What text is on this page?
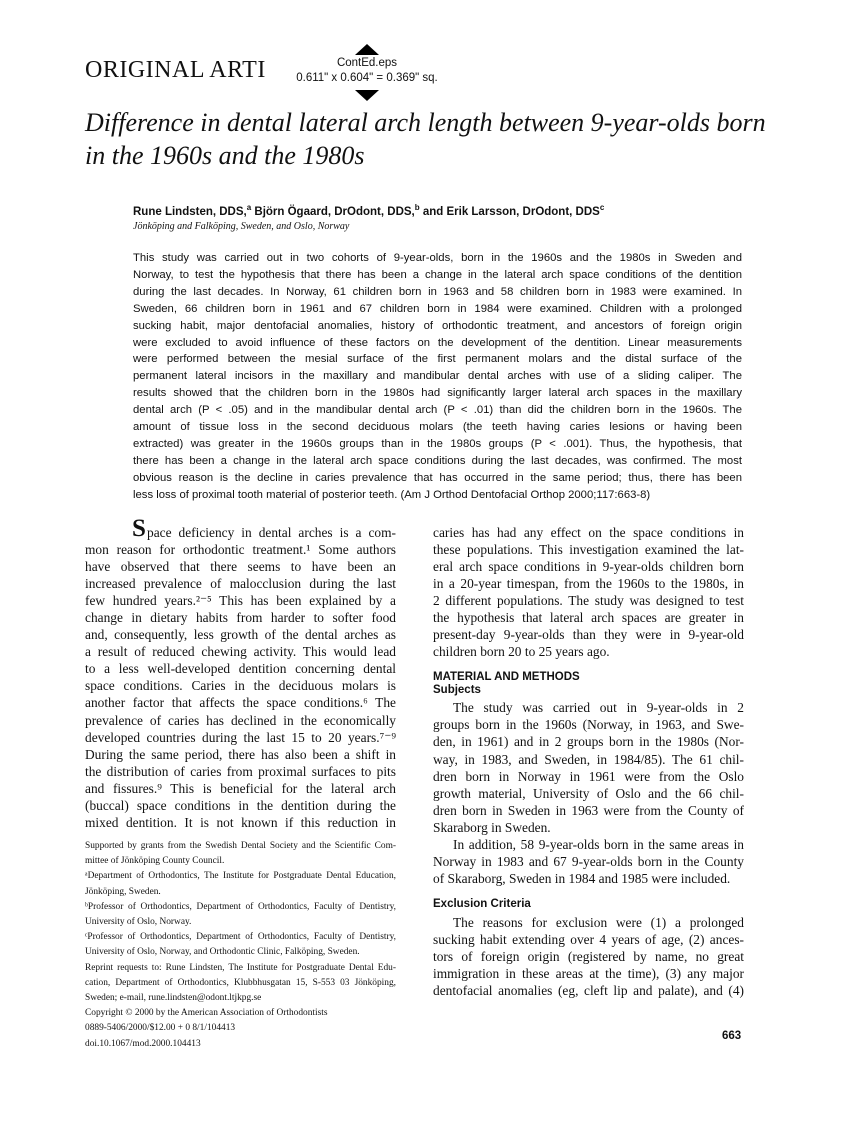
ORIGINAL ARTI	ContEd.eps
0.611" x 0.604" = 0.369" sq.
Difference in dental lateral arch length between 9-year-olds born in the 1960s and the 1980s
Rune Lindsten, DDS,$^a$ Björn Ögaard, DrOdont, DDS,$^b$ and Erik Larsson, DrOdont, DDS$^c$
Jönköping and Falköping, Sweden, and Oslo, Norway
This study was carried out in two cohorts of 9-year-olds, born in the 1960s and the 1980s in Sweden and
Norway, to test the hypothesis that there has been a change in the lateral arch space conditions of the dentition
during the last decades. In Norway, 61 children born in 1963 and 58 children born in 1983 were examined. In
Sweden, 66 children born in 1961 and 67 children born in 1984 were examined. Children with a prolonged
sucking habit, major dentofacial anomalies, history of orthodontic treatment, and ancestors of foreign origin
were excluded to avoid influence of these factors on the development of the dentition. Linear measurements
were performed between the mesial surface of the first permanent molars and the distal surface of the
permanent lateral incisors in the maxillary and mandibular dental arches with use of a sliding caliper. The
results showed that the children born in the 1980s had significantly larger lateral arch spaces in the maxillary
dental arch (P < .05) and in the mandibular dental arch (P < .01) than did the children born in the 1960s. The
amount of tissue loss in the second deciduous molars (the teeth having caries lesions or having been
extracted) was greater in the 1960s groups than in the 1980s groups (P < .001). Thus, the hypothesis, that
there has been a change in the lateral arch space conditions during the last decades, was confirmed. The most
obvious reason is the decline in caries prevalence that has occurred in the same period; thus, there has been
less loss of proximal tooth material of posterior teeth. (Am J Orthod Dentofacial Orthop 2000;117:663-8)
S pace deficiency in dental arches is a com-
mon reason for orthodontic treatment.¹ Some authors
have observed that there seems to have been an
increased prevalence of malocclusion during the last
few hundred years.²⁻⁵ This has been explained by a
change in dietary habits from harder to softer food
and, consequently, less growth of the dental arches as
a result of reduced chewing activity. This would lead
to a less well-developed dentition concerning dental
space conditions. Caries in the deciduous molars is
another factor that affects the space conditions.⁶ The
prevalence of caries has declined in the economically
developed countries during the last 15 to 20 years.⁷⁻⁹
During the same period, there has also been a shift in
the distribution of caries from proximal surfaces to pits
and fissures.⁹ This is beneficial for the lateral arch
(buccal) space conditions in the dentition during the
mixed dentition. It is not known if this reduction in
Supported by grants from the Swedish Dental Society and the Scientific Com-
mittee of Jönköping County Council.
ᵃDepartment of Orthodontics, The Institute for Postgraduate Dental Education,
Jönköping, Sweden.
ᵇProfessor of Orthodontics, Department of Orthodontics, Faculty of Dentistry,
University of Oslo, Norway.
ᶜProfessor of Orthodontics, Department of Orthodontics, Faculty of Dentistry,
University of Oslo, Norway, and Orthodontic Clinic, Falköping, Sweden.
Reprint requests to: Rune Lindsten, The Institute for Postgraduate Dental Edu-
cation, Department of Orthodontics, Klubbhusgatan 15, S-553 03 Jönköping,
Sweden; e-mail, rune.lindsten@odont.ltjkpg.se
Copyright © 2000 by the American Association of Orthodontists
0889-5406/2000/$12.00 + 0 8/1/104413
doi.10.1067/mod.2000.104413
caries has had any effect on the space conditions in
these populations. This investigation examined the lat-
eral arch space conditions in 9-year-olds children born
in a 20-year timespan, from the 1960s to the 1980s, in
2 different populations. The study was designed to test
the hypothesis that lateral arch spaces are greater in
present-day 9-year-olds than they were in 9-year-old
children born 20 to 25 years ago.
MATERIAL AND METHODS
Subjects
The study was carried out in 9-year-olds in 2
groups born in the 1960s (Norway, in 1963, and Swe-
den, in 1961) and in 2 groups born in the 1980s (Nor-
way, in 1983, and Sweden, in 1984/85). The 61 chil-
dren born in Norway in 1961 were from the Oslo
growth material, University of Oslo and the 66 chil-
dren born in Sweden in 1963 were from the County of
Skaraborg in Sweden.
In addition, 58 9-year-olds born in the same areas in
Norway in 1983 and 67 9-year-olds born in the County
of Skaraborg, Sweden in 1984 and 1985 were included.
Exclusion Criteria
The reasons for exclusion were (1) a prolonged
sucking habit extending over 4 years of age, (2) ances-
tors of foreign origin (registered by name, no great
immigration in these areas at the time), (3) any major
dentofacial anomalies (eg, cleft lip and palate), and (4)
663
